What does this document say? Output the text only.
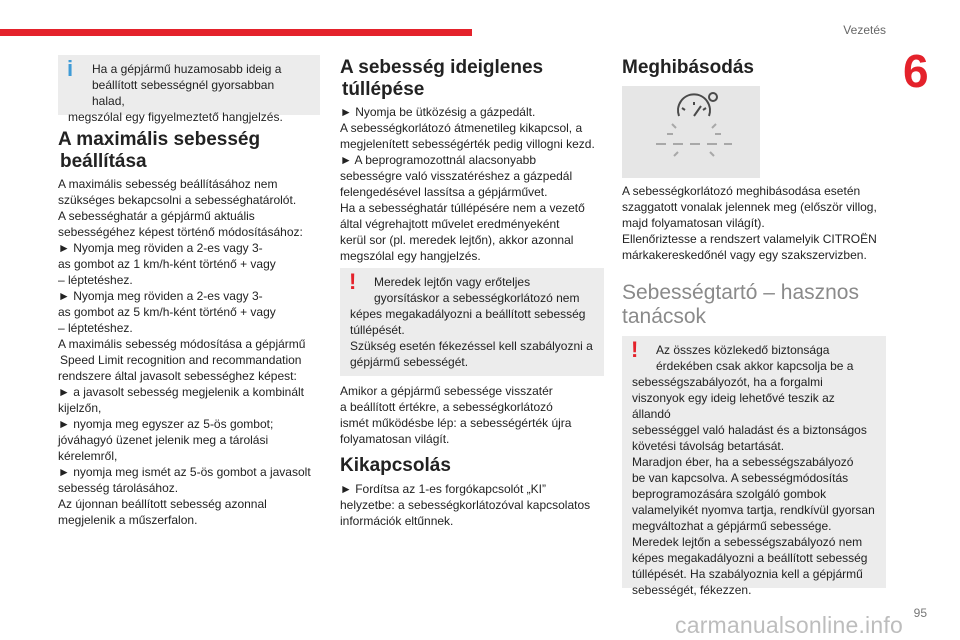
Vezetés
6
i	Ha a gépjármű huzamosabb ideig a

beállított sebességnél gyorsabban halad,

megszólal egy figyelmeztető hangjelzés.

A maximális sebesség
beállítása

A maximális sebesség beállításához nem

szükséges bekapcsolni a sebességhatárolót.

A sebességhatár a gépjármű aktuális

sebességéhez képest történő módosításához:

► Nyomja meg röviden a 2-es vagy 3-

as gombot az 1 km/h-ként történő + vagy

– léptetéshez.

► Nyomja meg röviden a 2-es vagy 3-

as gombot az 5 km/h-ként történő + vagy

– léptetéshez.

A maximális sebesség módosítása a gépjármű

Speed Limit recognition and recommandation

rendszere által javasolt sebességhez képest:

► a javasolt sebesség megjelenik a kombinált

kijelzőn,

► nyomja meg egyszer az 5-ös gombot;

jóváhagyó üzenet jelenik meg a tárolási

kérelemről,

► nyomja meg ismét az 5-ös gombot a javasolt

sebesség tárolásához.

Az újonnan beállított sebesség azonnal

megjelenik a műszerfalon.

A sebesség ideiglenes
túllépése

► Nyomja be ütközésig a gázpedált.

A sebességkorlátozó átmenetileg kikapcsol, a

megjelenített sebességérték pedig villogni kezd.

► A beprogramozottnál alacsonyabb

sebességre való visszatéréshez a gázpedál

felengedésével lassítsa a gépjárművet.

Ha a sebességhatár túllépésére nem a vezető

által végrehajtott művelet eredményeként

kerül sor (pl. meredek lejtőn), akkor azonnal

megszólal egy hangjelzés.

!	Meredek lejtőn vagy erőteljes

gyorsításkor a sebességkorlátozó nem

képes megakadályozni a beállított sebesség

túllépését.

Szükség esetén fékezéssel kell szabályozni a

gépjármű sebességét.

Amikor a gépjármű sebessége visszatér

a beállított értékre, a sebességkorlátozó

ismét működésbe lép: a sebességérték újra

folyamatosan világít.

Kikapcsolás

► Fordítsa az 1-es forgókapcsolót „KI”

helyzetbe: a sebességkorlátozóval kapcsolatos

információk eltűnnek.

Meghibásodás

A sebességkorlátozó meghibásodása esetén

szaggatott vonalak jelennek meg (először villog,

majd folyamatosan világít).

Ellenőriztesse a rendszert valamelyik CITROËN

márkakereskedőnél vagy egy szakszervizben.

Sebességtartó – hasznos
tanácsok
!	Az összes közlekedő biztonsága

érdekében csak akkor kapcsolja be a

sebességszabályozót, ha a forgalmi

viszonyok egy ideig lehetővé teszik az állandó

sebességgel való haladást és a biztonságos

követési távolság betartását.

Maradjon éber, ha a sebességszabályozó

be van kapcsolva. A sebességmódosítás

beprogramozására szolgáló gombok

valamelyikét nyomva tartja, rendkívül gyorsan

megváltozhat a gépjármű sebessége.

Meredek lejtőn a sebességszabályozó nem

képes megakadályozni a beállított sebesség

túllépését. Ha szabályoznia kell a gépjármű

sebességét, fékezzen.

95
carmanualsonline.info
